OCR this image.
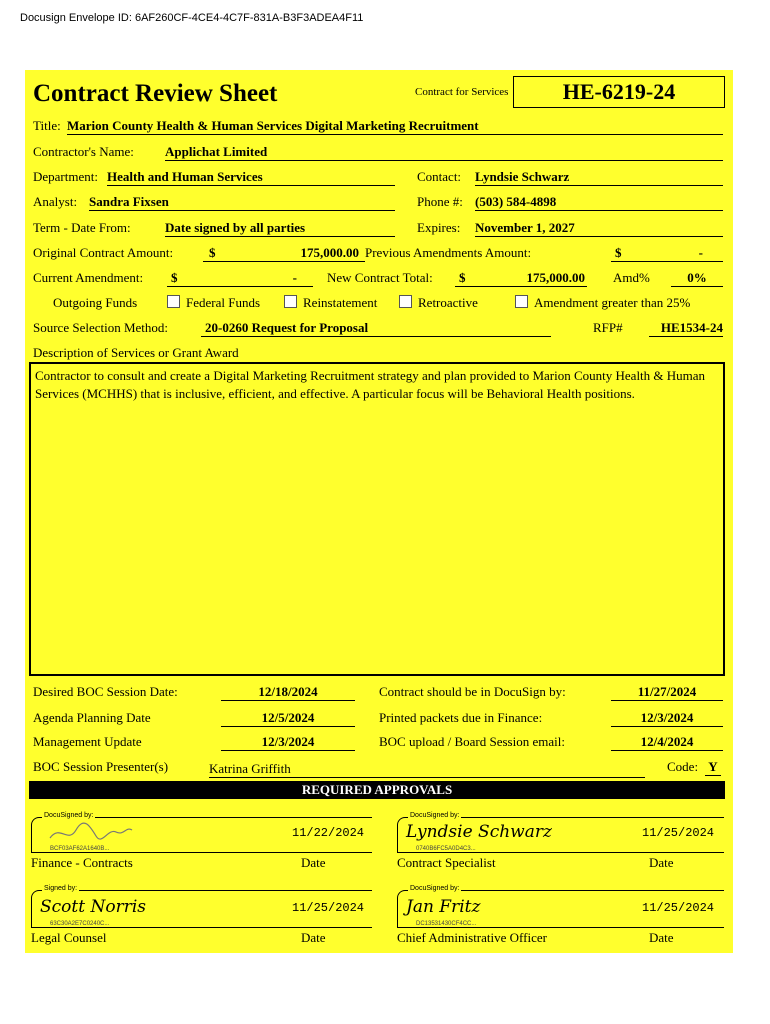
Docusign Envelope ID: 6AF260CF-4CE4-4C7F-831A-B3F3ADEA4F11
Contract Review Sheet	Contract for Services	HE-6219-24
Title: Marion County Health & Human Services Digital Marketing Recruitment
Contractor's Name: Applichat Limited
Department: Health and Human Services	Contact: Lyndsie Schwarz
Analyst: Sandra Fixsen	Phone #: (503) 584-4898
Term - Date From:	Date signed by all parties	Expires: November 1, 2027
Original Contract Amount:	$	175,000.00 Previous Amendments Amount:	$	-
Current Amendment: $	- New Contract Total: $	175,000.00 Amd%	0%
Outgoing Funds	Federal Funds	Reinstatement	Retroactive	Amendment greater than 25%
Source Selection Method:	20-0260 Request for Proposal	RFP#	HE1534-24
Description of Services or Grant Award
Contractor to consult and create a Digital Marketing Recruitment strategy and plan provided to Marion County Health & Human Services (MCHHS) that is inclusive, efficient, and effective. A particular focus will be Behavioral Health positions.
Desired BOC Session Date:	12/18/2024	Contract should be in DocuSign by:	11/27/2024
Agenda Planning Date	12/5/2024	Printed packets due in Finance:	12/3/2024
Management Update	12/3/2024	BOC upload / Board Session email:	12/4/2024
BOC Session Presenter(s)	Katrina Griffith	Code: Y
REQUIRED APPROVALS
DocuSigned by:
BCF03AF62A1640B...
11/22/2024
Finance - Contracts	Date
DocuSigned by:
Lyndsie Schwarz
0740B6FC5A0D4C3...
11/25/2024
Contract Specialist	Date
Signed by:
Scott Norris
63C30A2E7C0240C...
11/25/2024
Legal Counsel	Date
DocuSigned by:
Jan Fritz
DC13531430CF4CC...
11/25/2024
Chief Administrative Officer	Date
